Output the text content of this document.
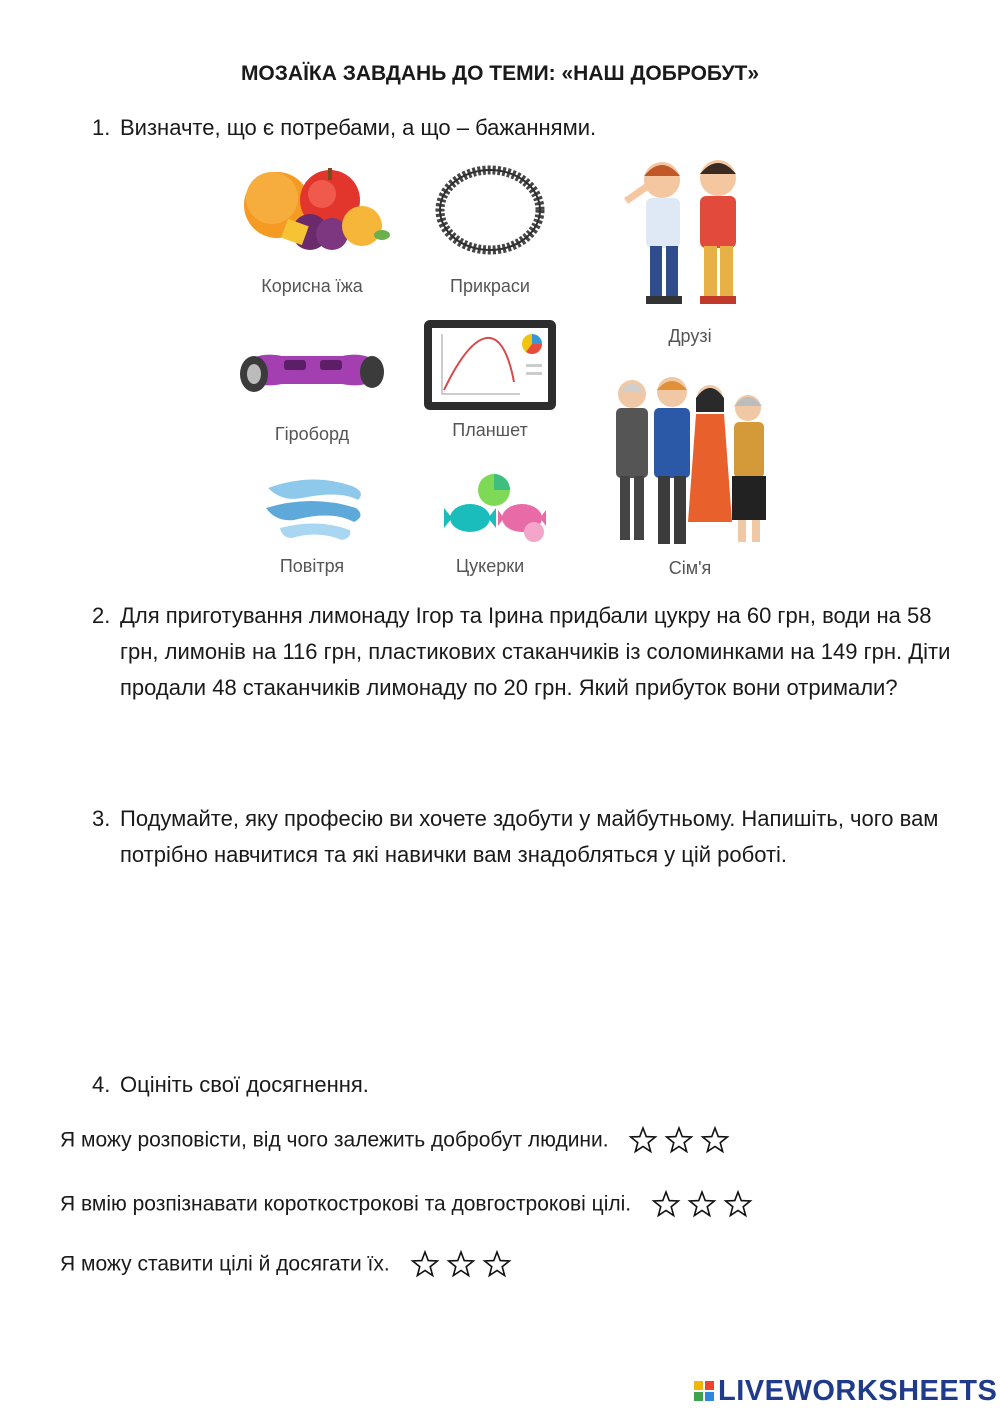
МОЗАЇКА ЗАВДАНЬ ДО ТЕМИ: «НАШ ДОБРОБУТ»
1. Визначте, що є потребами, а що – бажаннями.
Корисна їжа	Прикраси
Друзі
Гіроборд	Планшет
Сім'я
Повітря	Цукерки
2. Для приготування лимонаду Ігор та Ірина придбали цукру на 60 грн, води на 58 грн, лимонів на 116 грн, пластикових стаканчиків із соломинками на 149 грн. Діти продали 48 стаканчиків лимонаду по 20 грн. Який прибуток вони отримали?
3. Подумайте, яку професію ви хочете здобути у майбутньому. Напишіть, чого вам потрібно навчитися та які навички вам знадобляться у цій роботі.
4. Оцініть свої досягнення.
Я можу розповісти, від чого залежить добробут людини.
Я вмію розпізнавати короткострокові та довгострокові цілі.
Я можу ставити цілі й досягати їх.
LIVEWORKSHEETS
